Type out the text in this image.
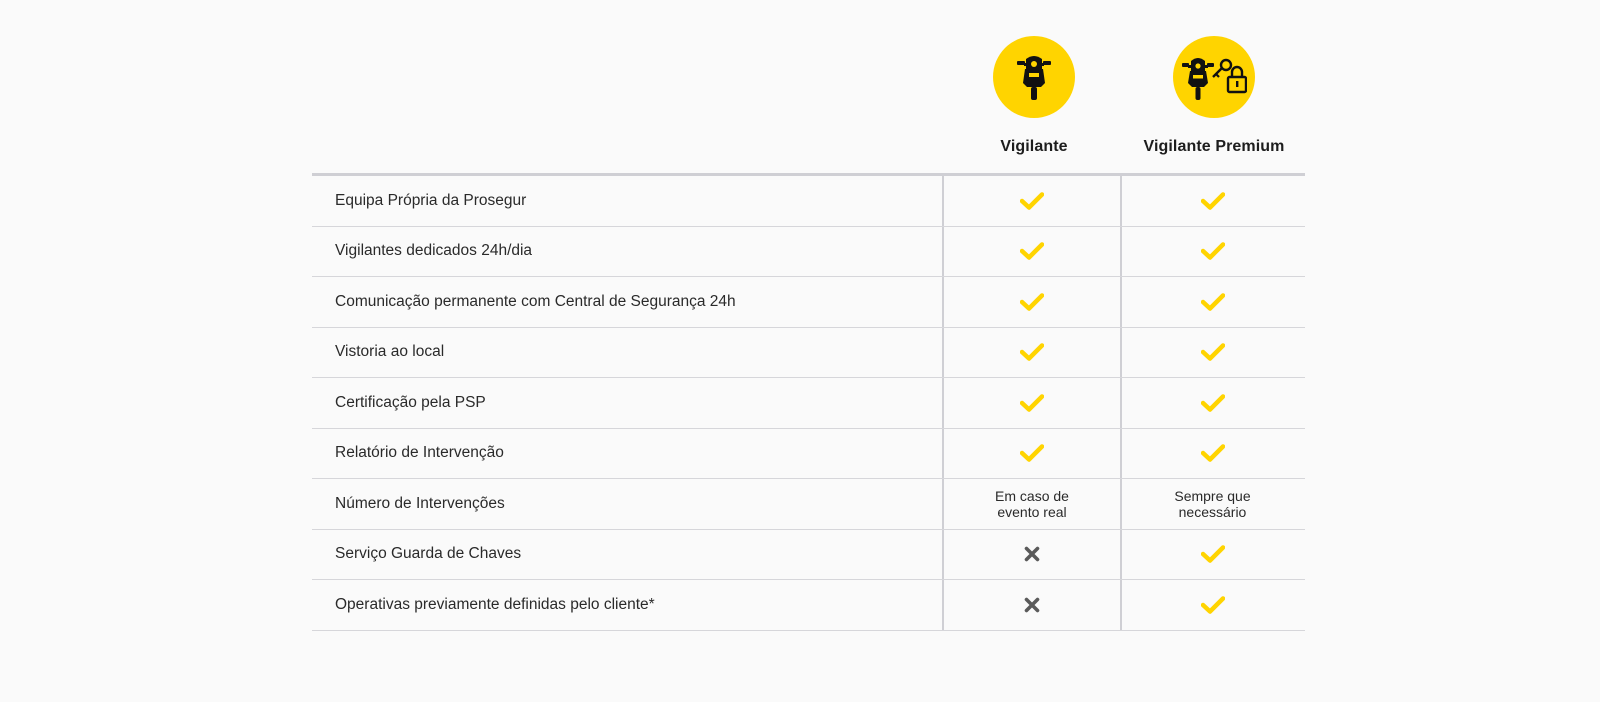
Vigilante	Vigilante Premium
Equipa Própria da Prosegur
Vigilantes dedicados 24h/dia
Comunicação permanente com Central de Segurança 24h
Vistoria ao local
Certificação pela PSP
Relatório de Intervenção
Número de Intervenções	Em caso de
evento real
Sempre que
necessário
Serviço Guarda de Chaves
Operativas previamente definidas pelo cliente*
